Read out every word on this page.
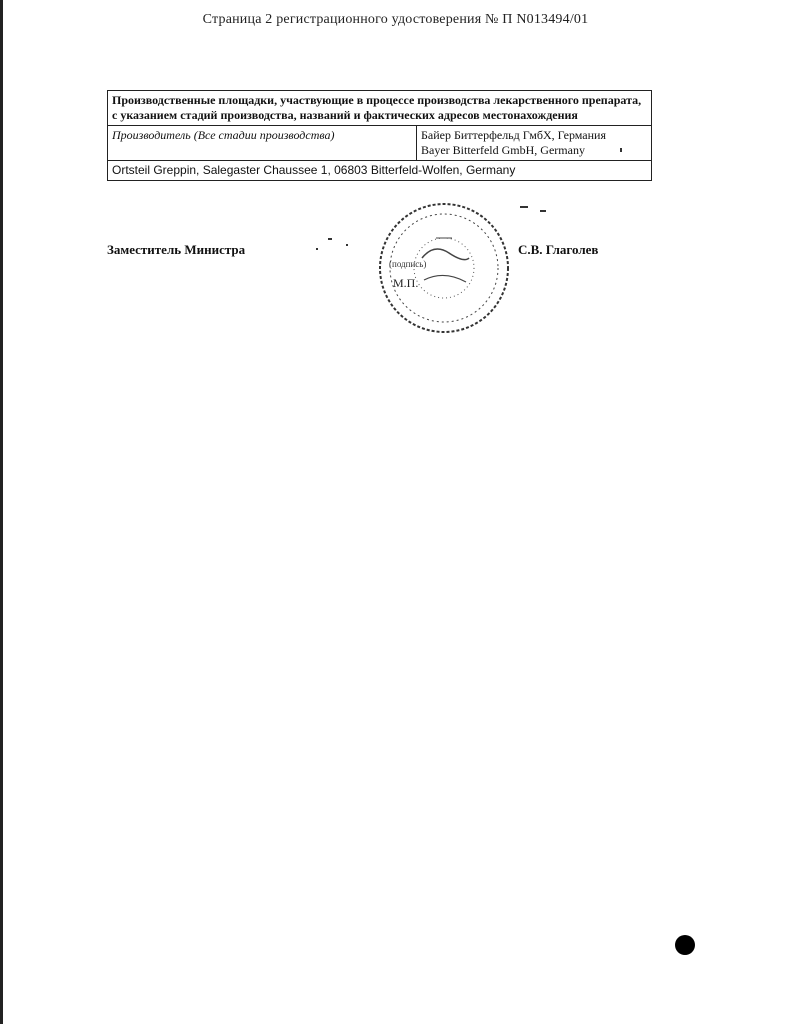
Страница 2 регистрационного удостоверения № П N013494/01
Производственные площадки, участвующие в процессе производства лекарственного препарата, с указанием стадий производства, названий и фактических адресов местонахождения
Производитель (Все стадии производства)	Байер Биттерфельд ГмбХ, Германия
Bayer Bitterfeld GmbH, Germany

Ortsteil Greppin, Salegaster Chaussee 1, 06803 Bitterfeld-Wolfen, Germany
М.П.
(подпись)
Заместитель Министра	С.В. Глаголев
